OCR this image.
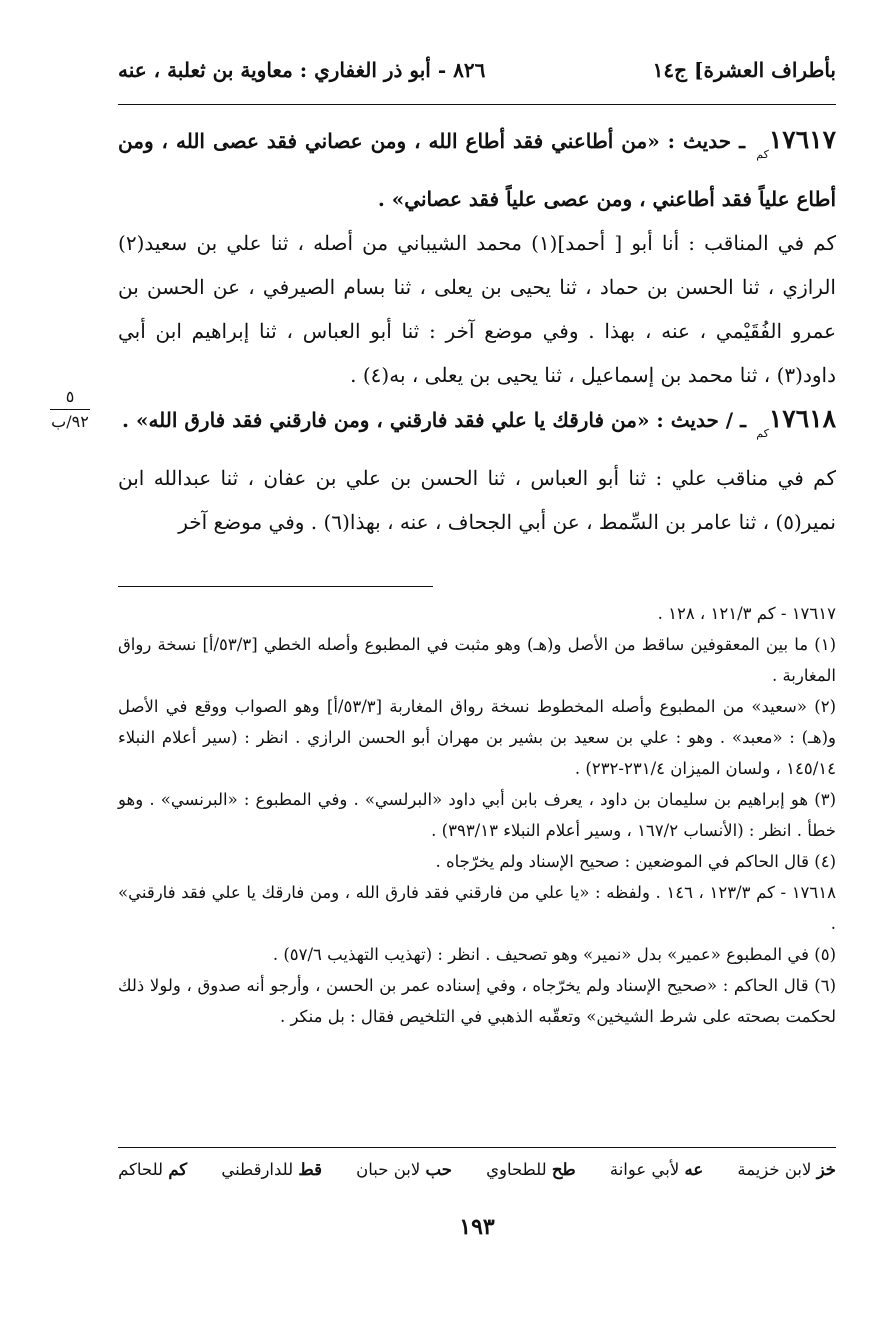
بأطراف العشرة] ج١٤
٨٢٦ - أبو ذر الغفاري : معاوية بن ثعلبة ، عنه

$١٧٦١٧_{كم}$ ـ حديث : «من أطاعني فقد أطاع الله ، ومن عصاني فقد عصى الله ، ومن أطاع علياً فقد أطاعني ، ومن عصى علياً فقد عصاني» .

كم في المناقب : أنا أبو [ أحمد](١) محمد الشيباني من أصله ، ثنا علي بن سعيد(٢) الرازي ، ثنا الحسن بن حماد ، ثنا يحيى بن يعلى ، ثنا بسام الصيرفي ، عن الحسن بن عمرو الفُقَيْمي ، عنه ، بهذا . وفي موضع آخر : ثنا أبو العباس ، ثنا إبراهيم ابن أبي داود(٣) ، ثنا محمد بن إسماعيل ، ثنا يحيى بن يعلى ، به(٤) .

$١٧٦١٨_{كم}$ ـ / حديث : «من فارقك يا علي فقد فارقني ، ومن فارقني فقد فارق الله» .

كم في مناقب علي : ثنا أبو العباس ، ثنا الحسن بن علي بن عفان ، ثنا عبدالله ابن نمير(٥) ، ثنا عامر بن السِّمط ، عن أبي الجحاف ، عنه ، بهذا(٦) . وفي موضع آخر

١٧٦١٧ - كم ١٢١/٣ ، ١٢٨ .

(١) ما بين المعقوفين ساقط من الأصل و(هـ) وهو مثبت في المطبوع وأصله الخطي [٥٣/٣/أ] نسخة رواق المغاربة .

(٢) «سعيد» من المطبوع وأصله المخطوط نسخة رواق المغاربة [٥٣/٣/أ] وهو الصواب ووقع في الأصل و(هـ) : «معبد» . وهو : علي بن سعيد بن بشير بن مهران أبو الحسن الرازي . انظر : (سير أعلام النبلاء ١٤٥/١٤ ، ولسان الميزان ٢٣١/٤-٢٣٢) .

(٣) هو إبراهيم بن سليمان بن داود ، يعرف بابن أبي داود «البرلسي» . وفي المطبوع : «البرنسي» . وهو خطأ . انظر : (الأنساب ١٦٧/٢ ، وسير أعلام النبلاء ٣٩٣/١٣) .

(٤) قال الحاكم في الموضعين : صحيح الإسناد ولم يخرّجاه .

١٧٦١٨ - كم ١٢٣/٣ ، ١٤٦ . ولفظه : «يا علي من فارقني فقد فارق الله ، ومن فارقك يا علي فقد فارقني» .

(٥) في المطبوع «عمير» بدل «نمير» وهو تصحيف . انظر : (تهذيب التهذيب ٥٧/٦) .

(٦) قال الحاكم : «صحيح الإسناد ولم يخرّجاه ، وفي إسناده عمر بن الحسن ، وأرجو أنه صدوق ، ولولا ذلك لحكمت بصحته على شرط الشيخين» وتعقّبه الذهبي في التلخيص فقال : بل منكر .

خز لابن خزيمة
عه لأبي عوانة
طح للطحاوي
حب لابن حبان
قط للدارقطني
كم للحاكم
١٩٣
٥
٩٢/ب
